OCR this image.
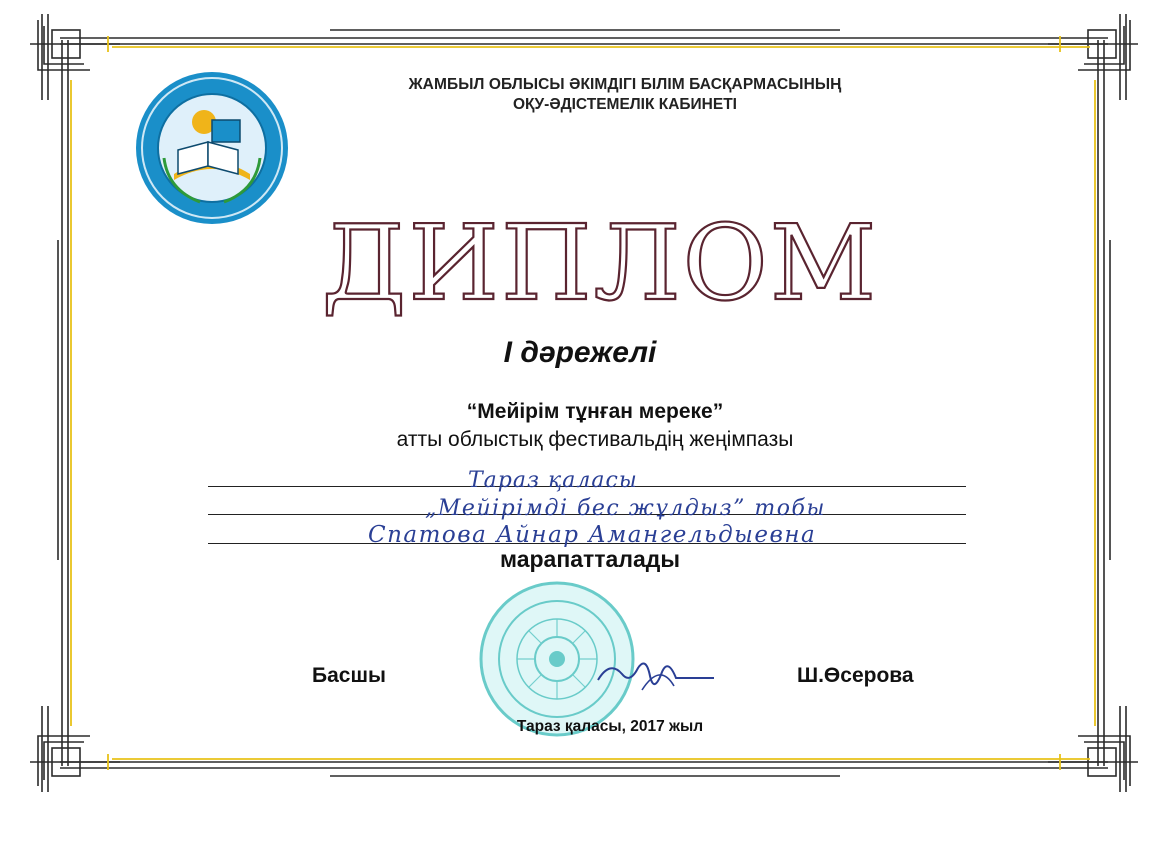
ЖАМБЫЛ ОБЛЫСЫ ӘКІМДІГІ БІЛІМ БАСҚАРМАСЫНЫҢ
ОҚУ-ӘДІСТЕМЕЛІК КАБИНЕТІ
ДИПЛОМ
І дәрежелі
“Мейірім тұнған мереке”
атты облыстық фестивальдің жеңімпазы
Тараз қаласы
„Мейірімді бес жұлдыз” тобы
Спатова Айнар Амангельдыевна
марапатталады
Басшы	Ш.Өсерова
Тараз қаласы, 2017 жыл
